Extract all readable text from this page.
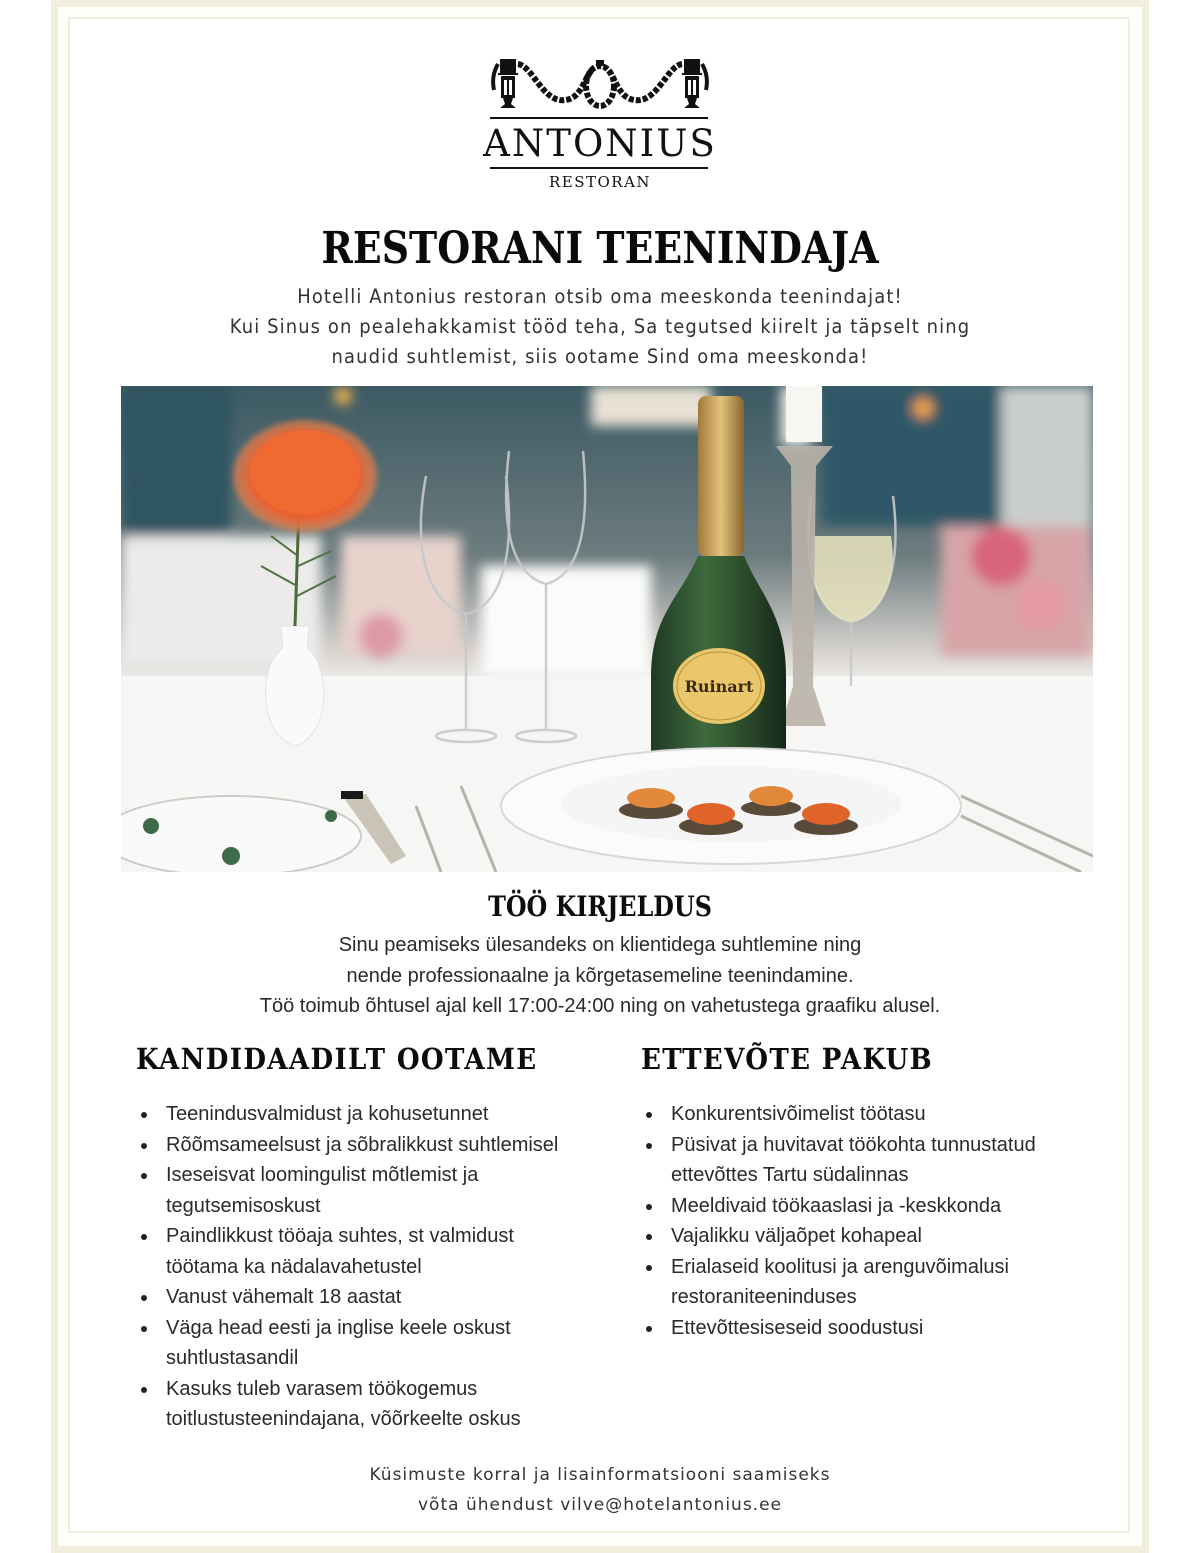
ANTONIUS
RESTORAN
RESTORANI TEENINDAJA
Hotelli Antonius restoran otsib oma meeskonda teenindajat!
Kui Sinus on pealehakkamist tööd teha, Sa tegutsed kiirelt ja täpselt ning
naudid suhtlemist, siis ootame Sind oma meeskonda!
Ruinart
TÖÖ KIRJELDUS
Sinu peamiseks ülesandeks on klientidega suhtlemine ning
nende professionaalne ja kõrgetasemeline teenindamine.
Töö toimub õhtusel ajal kell 17:00-24:00 ning on vahetustega graafiku alusel.
KANDIDAADILT OOTAME
Teenindusvalmidust ja kohusetunnet
Rõõmsameelsust ja sõbralikkust suhtlemisel
Iseseisvat loomingulist mõtlemist ja tegutsemisoskust
Paindlikkust tööaja suhtes, st valmidust töötama ka nädalavahetustel
Vanust vähemalt 18 aastat
Väga head eesti ja inglise keele oskust suhtlustasandil
Kasuks tuleb varasem töökogemus toitlustusteenindajana, võõrkeelte oskus
ETTEVÕTE PAKUB
Konkurentsivõimelist töötasu
Püsivat ja huvitavat töökohta tunnustatud ettevõttes Tartu südalinnas
Meeldivaid töökaaslasi ja -keskkonda
Vajalikku väljaõpet kohapeal
Erialaseid koolitusi ja arenguvõimalusi restoraniteeninduses
Ettevõttesiseseid soodustusi
Küsimuste korral ja lisainformatsiooni saamiseks
võta ühendust vilve@hotelantonius.ee
